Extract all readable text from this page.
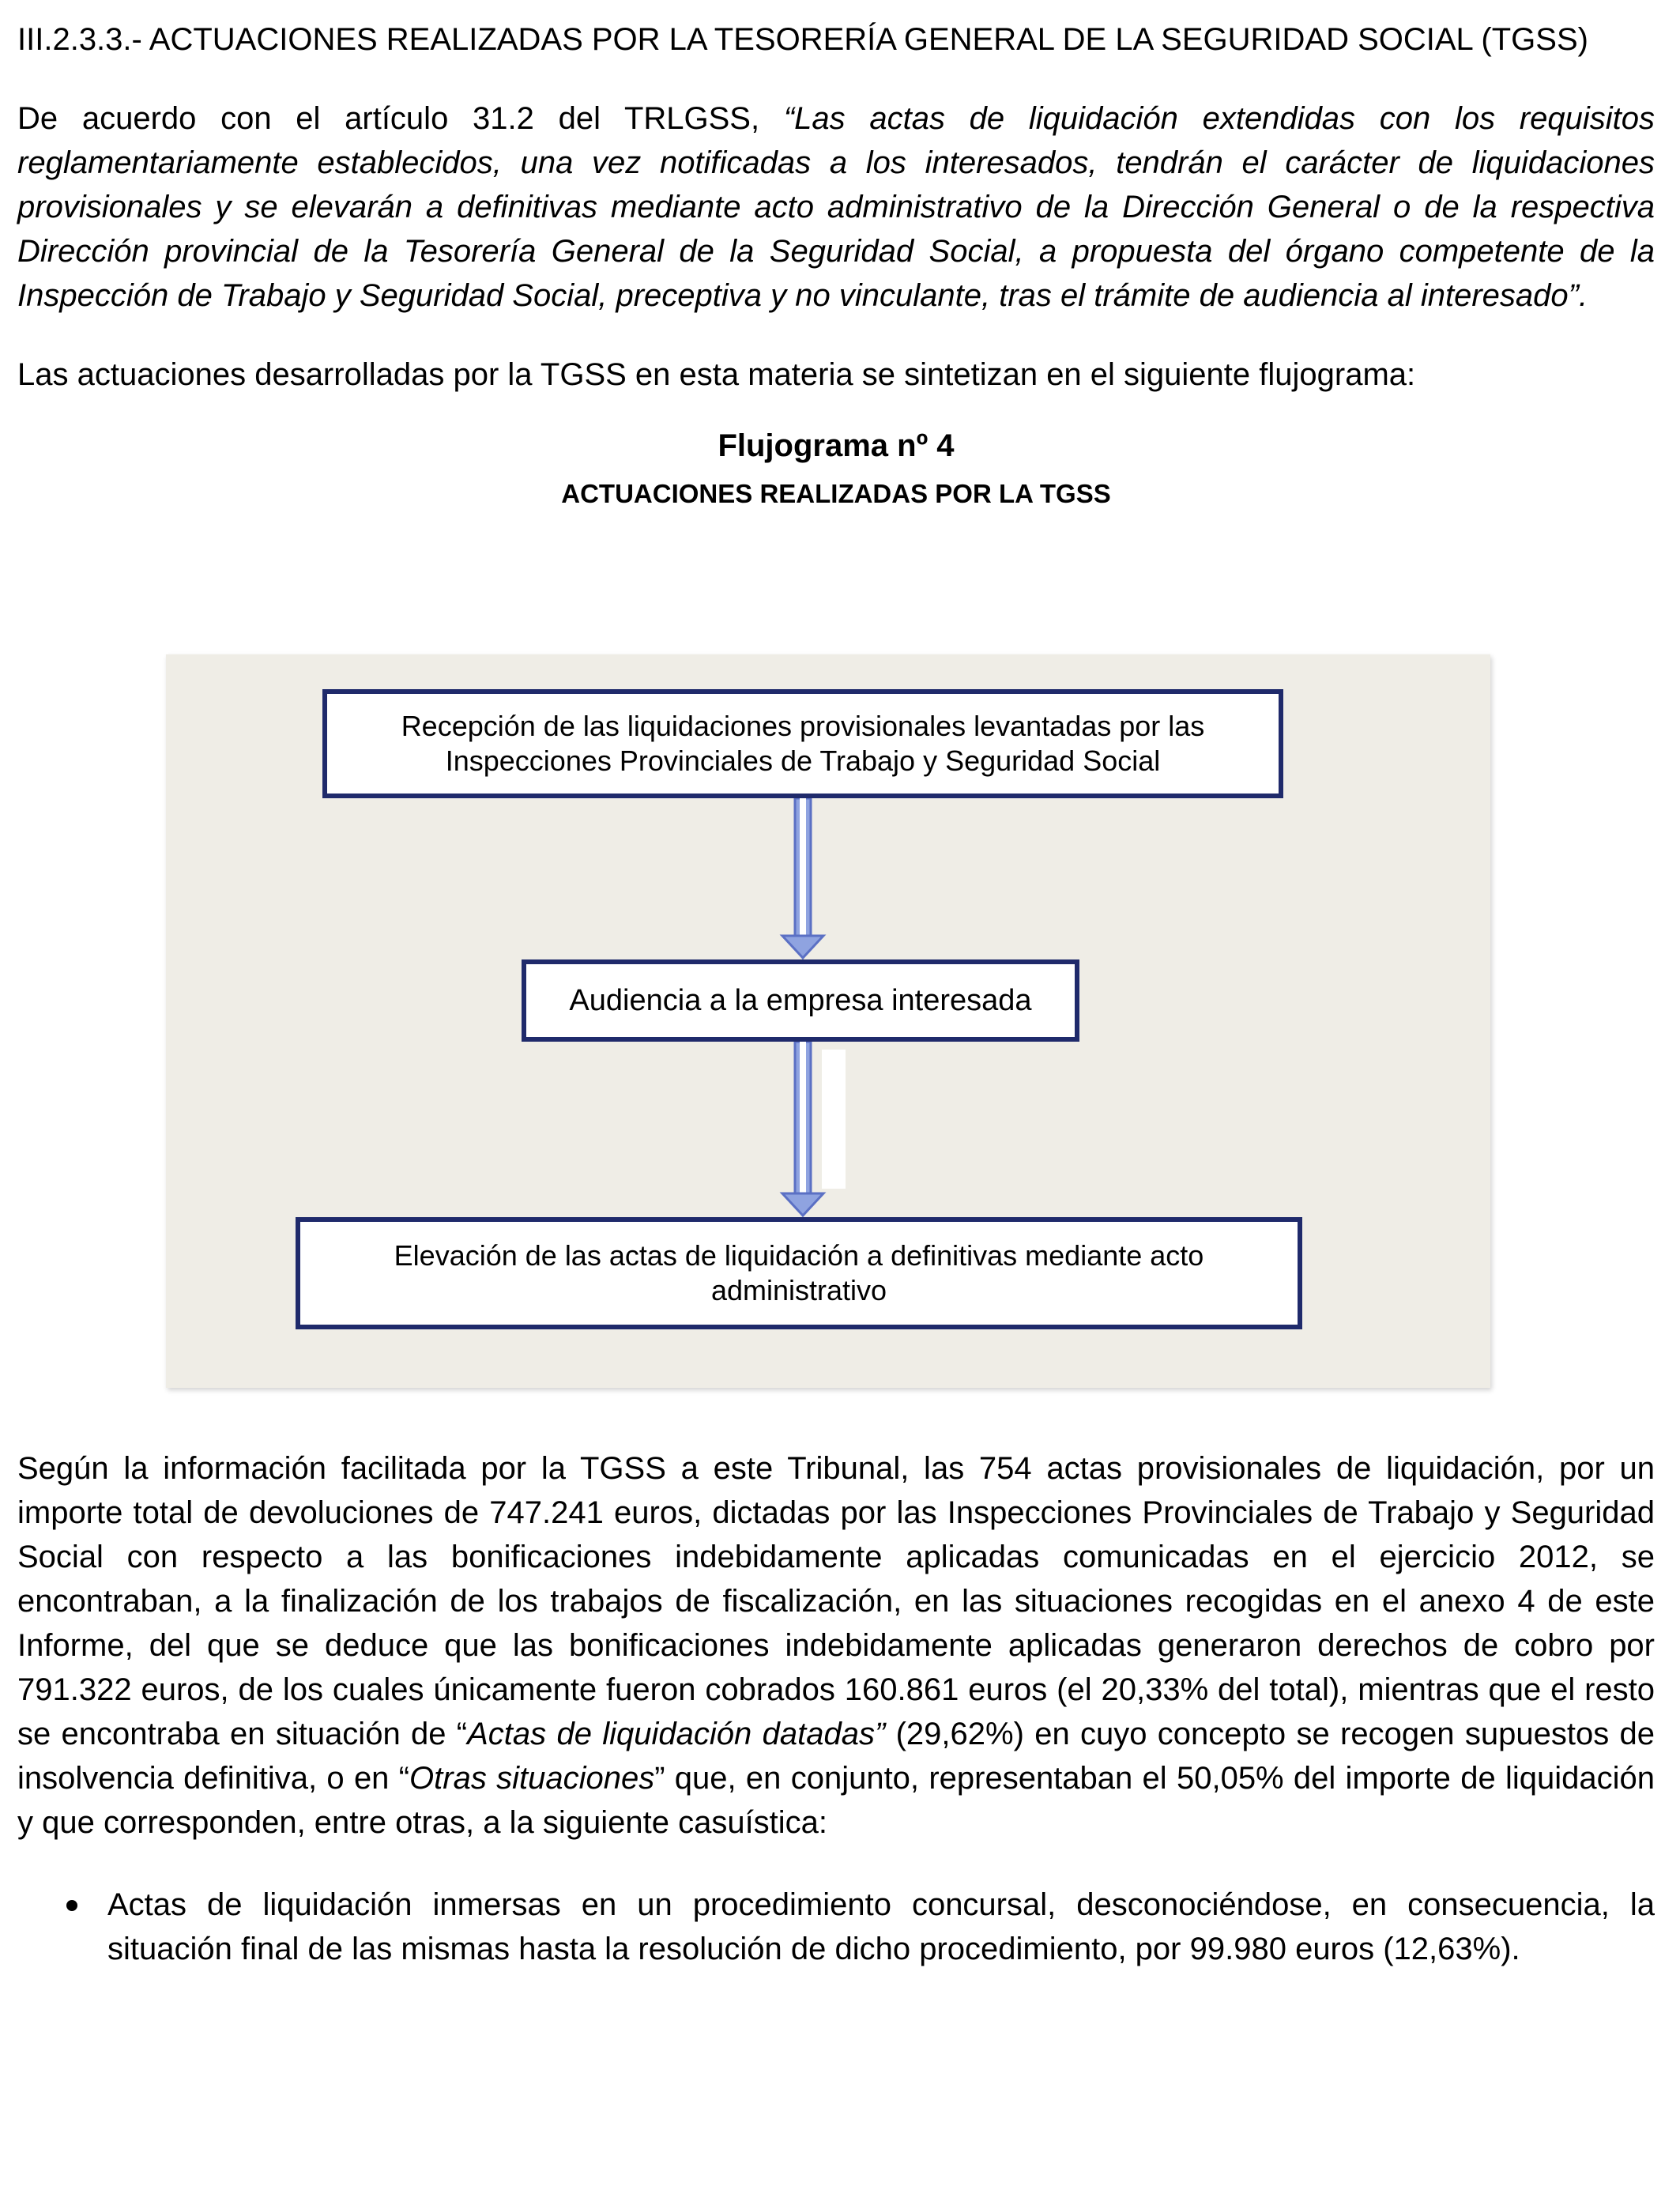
III.2.3.3.- ACTUACIONES REALIZADAS POR LA TESORERÍA GENERAL DE LA SEGURIDAD SOCIAL (TGSS)

De acuerdo con el artículo 31.2 del TRLGSS, “Las actas de liquidación extendidas con los requisitos reglamentariamente establecidos, una vez notificadas a los interesados, tendrán el carácter de liquidaciones provisionales y se elevarán a definitivas mediante acto administrativo de la Dirección General o de la respectiva Dirección provincial de la Tesorería General de la Seguridad Social, a propuesta del órgano competente de la Inspección de Trabajo y Seguridad Social, preceptiva y no vinculante, tras el trámite de audiencia al interesado”.

Las actuaciones desarrolladas por la TGSS en esta materia se sintetizan en el siguiente flujograma:

Flujograma nº 4

ACTUACIONES REALIZADAS POR LA TGSS

Recepción de las liquidaciones provisionales levantadas por las Inspecciones Provinciales de Trabajo y Seguridad Social
Audiencia a la empresa interesada
Elevación de las actas de liquidación a definitivas mediante acto administrativo

Según la información facilitada por la TGSS a este Tribunal, las 754 actas provisionales de liquidación, por un importe total de devoluciones de 747.241 euros, dictadas por las Inspecciones Provinciales de Trabajo y Seguridad Social con respecto a las bonificaciones indebidamente aplicadas comunicadas en el ejercicio 2012, se encontraban, a la finalización de los trabajos de fiscalización, en las situaciones recogidas en el anexo 4 de este Informe, del que se deduce que las bonificaciones indebidamente aplicadas generaron derechos de cobro por 791.322 euros, de los cuales únicamente fueron cobrados 160.861 euros (el 20,33% del total), mientras que el resto se encontraba en situación de “Actas de liquidación datadas” (29,62%) en cuyo concepto se recogen supuestos de insolvencia definitiva, o en “Otras situaciones” que, en conjunto, representaban el 50,05% del importe de liquidación y que corresponden, entre otras, a la siguiente casuística:

Actas de liquidación inmersas en un procedimiento concursal, desconociéndose, en consecuencia, la situación final de las mismas hasta la resolución de dicho procedimiento, por 99.980 euros (12,63%).
